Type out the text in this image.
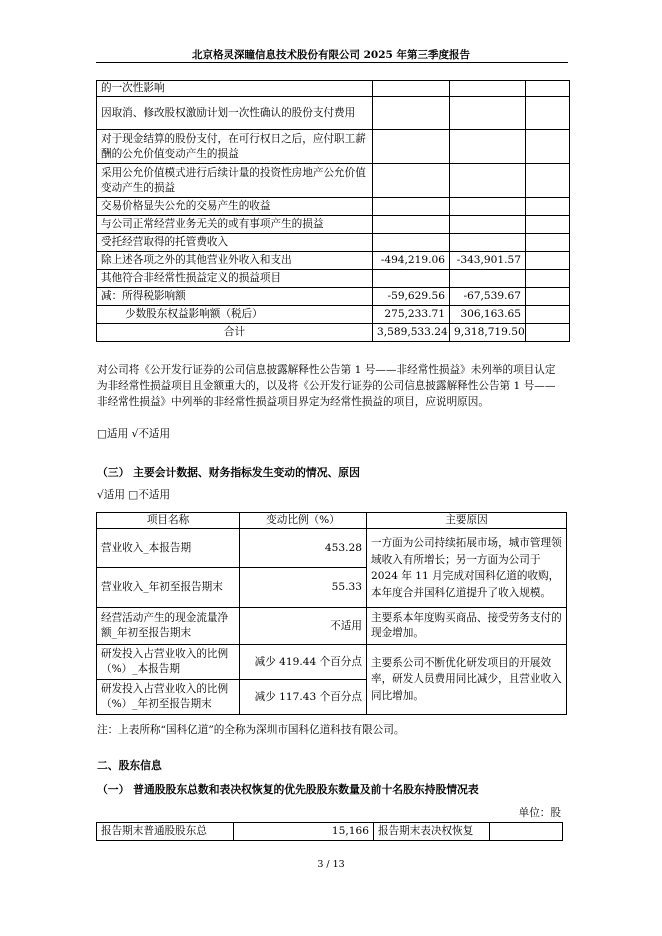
北京格灵深瞳信息技术股份有限公司 2025 年第三季度报告
的一次性影响			
因取消、修改股权激励计划一次性确认的股份支付费用			
对于现金结算的股份支付，在可行权日之后，应付职工薪酬的公允价值变动产生的损益			
采用公允价值模式进行后续计量的投资性房地产公允价值变动产生的损益			
交易价格显失公允的交易产生的收益			
与公司正常经营业务无关的或有事项产生的损益			
受托经营取得的托管费收入			
除上述各项之外的其他营业外收入和支出	-494,219.06	-343,901.57	
其他符合非经常性损益定义的损益项目			
减：所得税影响额	-59,629.56	-67,539.67	
少数股东权益影响额（税后）	275,233.71	306,163.65	
合计	3,589,533.24	9,318,719.50	
对公司将《公开发行证券的公司信息披露解释性公告第 1 号——非经常性损益》未列举的项目认定为非经常性损益项目且金额重大的，以及将《公开发行证券的公司信息披露解释性公告第 1 号——非经常性损益》中列举的非经常性损益项目界定为经常性损益的项目，应说明原因。
□适用 √不适用
（三） 主要会计数据、财务指标发生变动的情况、原因
√适用 □不适用
项目名称	变动比例（%）	主要原因
营业收入_本报告期	453.28	一方面为公司持续拓展市场，城市管理领域收入有所增长；另一方面为公司于 2024 年 11 月完成对国科亿道的收购，本年度合并国科亿道提升了收入规模。
营业收入_年初至报告期末	55.33	
经营活动产生的现金流量净额_年初至报告期末	不适用	主要系本年度购买商品、接受劳务支付的现金增加。
研发投入占营业收入的比例（%）_本报告期	减少 419.44 个百分点	主要系公司不断优化研发项目的开展效率，研发人员费用同比减少，且营业收入同比增加。
研发投入占营业收入的比例（%）_年初至报告期末	减少 117.43 个百分点	
注：上表所称“国科亿道”的全称为深圳市国科亿道科技有限公司。
二、股东信息
（一） 普通股股东总数和表决权恢复的优先股股东数量及前十名股东持股情况表
单位：股
报告期末普通股股东总	15,166	报告期末表决权恢复	
3 / 13
